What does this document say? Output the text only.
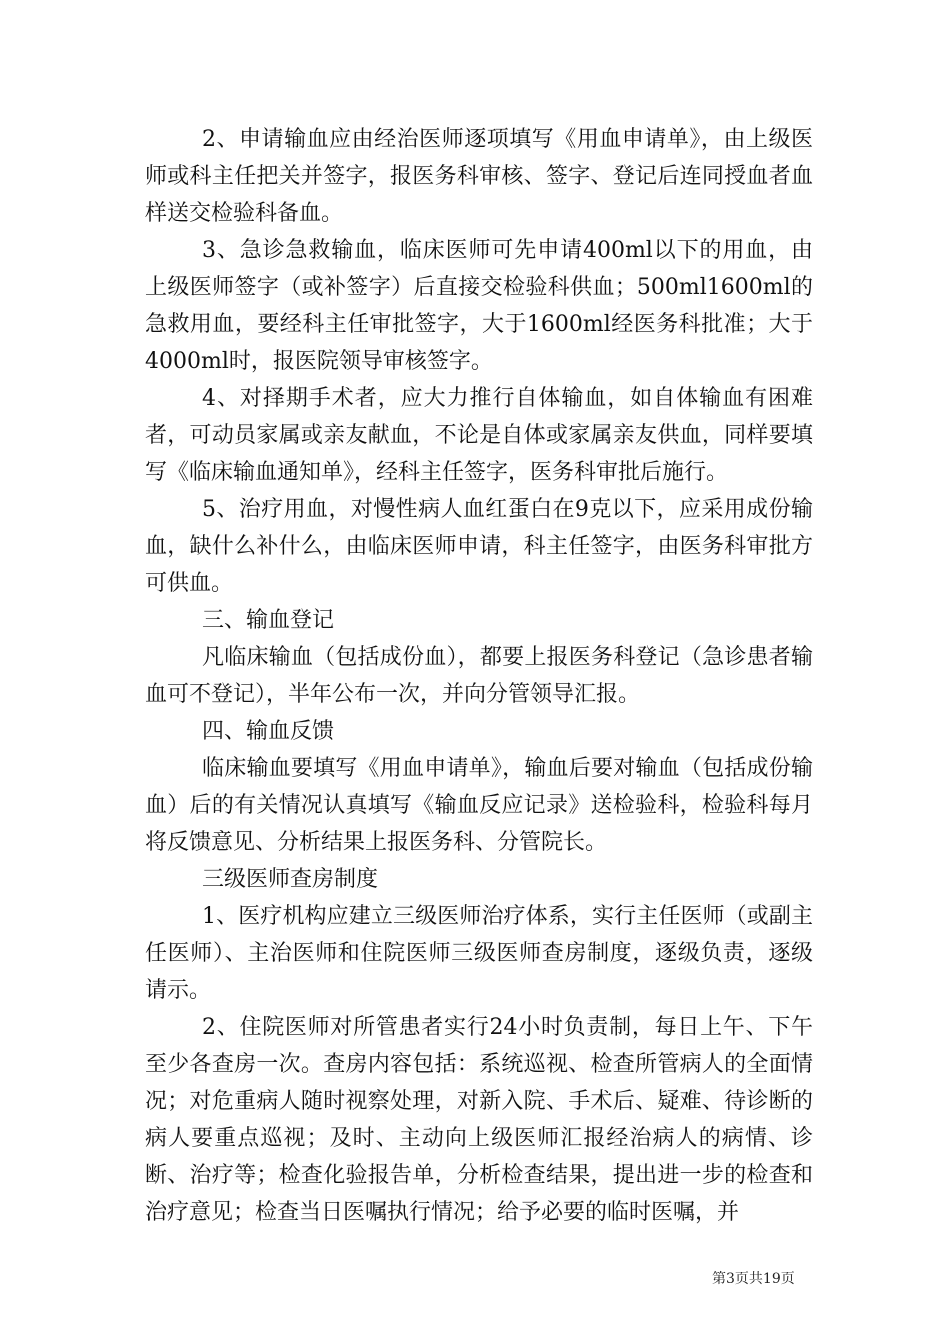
2、申请输血应由经治医师逐项填写《用血申请单》，由上级医师或科主任把关并签字，报医务科审核、签字、登记后连同授血者血样送交检验科备血。

3、急诊急救输血，临床医师可先申请400ml以下的用血，由上级医师签字（或补签字）后直接交检验科供血；500ml1600ml的急救用血，要经科主任审批签字，大于1600ml经医务科批准；大于4000ml时，报医院领导审核签字。

4、对择期手术者，应大力推行自体输血，如自体输血有困难者，可动员家属或亲友献血，不论是自体或家属亲友供血，同样要填写《临床输血通知单》，经科主任签字，医务科审批后施行。

5、治疗用血，对慢性病人血红蛋白在9克以下，应采用成份输血，缺什么补什么，由临床医师申请，科主任签字，由医务科审批方可供血。

三、输血登记

凡临床输血（包括成份血），都要上报医务科登记（急诊患者输血可不登记），半年公布一次，并向分管领导汇报。

四、输血反馈

临床输血要填写《用血申请单》，输血后要对输血（包括成份输血）后的有关情况认真填写《输血反应记录》送检验科，检验科每月将反馈意见、分析结果上报医务科、分管院长。

三级医师查房制度

1、医疗机构应建立三级医师治疗体系，实行主任医师（或副主任医师）、主治医师和住院医师三级医师查房制度，逐级负责，逐级请示。

2、住院医师对所管患者实行24小时负责制，每日上午、下午至少各查房一次。查房内容包括：系统巡视、检查所管病人的全面情况；对危重病人随时视察处理，对新入院、手术后、疑难、待诊断的病人要重点巡视；及时、主动向上级医师汇报经治病人的病情、诊断、治疗等；检查化验报告单，分析检查结果，提出进一步的检查和治疗意见；检查当日医嘱执行情况；给予必要的临时医嘱，并

第3页共19页
